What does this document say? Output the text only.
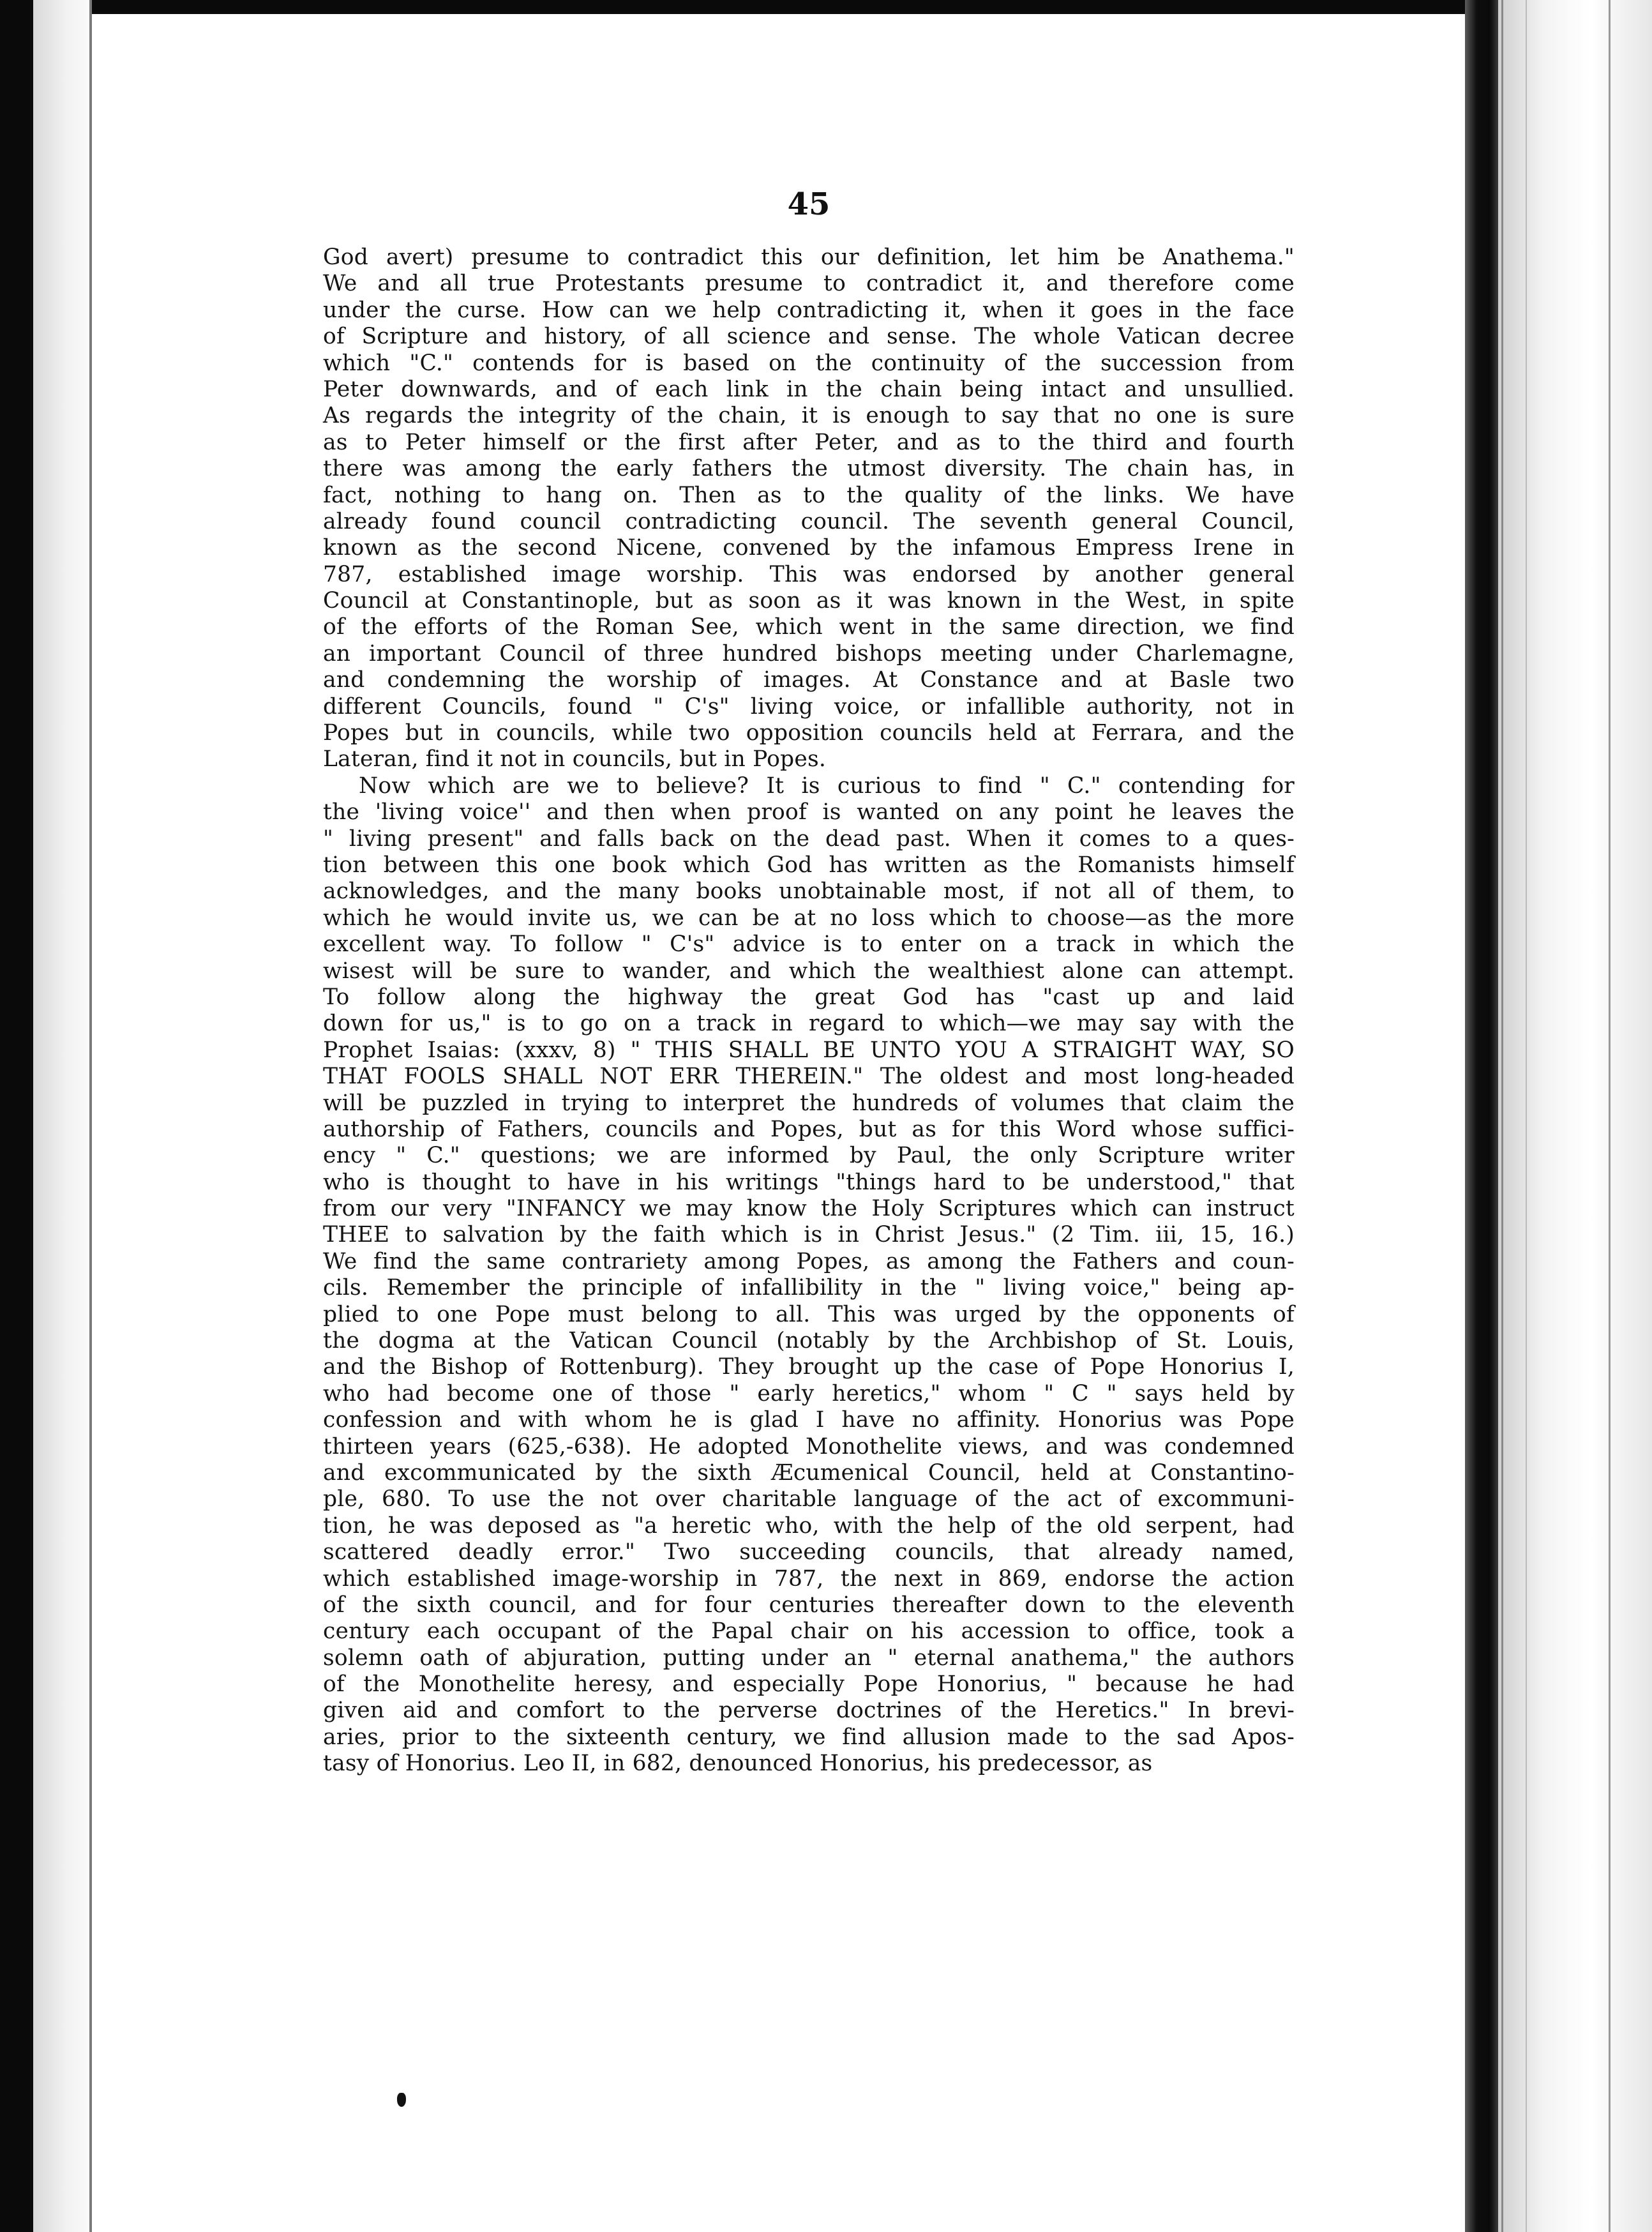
45
God avert) presume to contradict this our definition, let him be Anathema."
We and all true Protestants presume to contradict it, and therefore come
under the curse. How can we help contradicting it, when it goes in the face
of Scripture and history, of all science and sense. The whole Vatican decree
which "C." contends for is based on the continuity of the succession from
Peter downwards, and of each link in the chain being intact and unsullied.
As regards the integrity of the chain, it is enough to say that no one is sure
as to Peter himself or the first after Peter, and as to the third and fourth
there was among the early fathers the utmost diversity. The chain has, in
fact, nothing to hang on. Then as to the quality of the links. We have
already found council contradicting council. The seventh general Council,
known as the second Nicene, convened by the infamous Empress Irene in
787, established image worship. This was endorsed by another general
Council at Constantinople, but as soon as it was known in the West, in spite
of the efforts of the Roman See, which went in the same direction, we find
an important Council of three hundred bishops meeting under Charlemagne,
and condemning the worship of images. At Constance and at Basle two
different Councils, found " C's" living voice, or infallible authority, not in
Popes but in councils, while two opposition councils held at Ferrara, and the
Lateran, find it not in councils, but in Popes.
Now which are we to believe? It is curious to find " C." contending for
the 'living voice'' and then when proof is wanted on any point he leaves the
" living present" and falls back on the dead past. When it comes to a ques-
tion between this one book which God has written as the Romanists himself
acknowledges, and the many books unobtainable most, if not all of them, to
which he would invite us, we can be at no loss which to choose—as the more
excellent way. To follow " C's" advice is to enter on a track in which the
wisest will be sure to wander, and which the wealthiest alone can attempt.
To follow along the highway the great God has "cast up and laid
down for us," is to go on a track in regard to which—we may say with the
Prophet Isaias: (xxxv, 8) " THIS SHALL BE UNTO YOU A STRAIGHT WAY, SO
THAT FOOLS SHALL NOT ERR THEREIN." The oldest and most long-headed
will be puzzled in trying to interpret the hundreds of volumes that claim the
authorship of Fathers, councils and Popes, but as for this Word whose suffici-
ency " C." questions; we are informed by Paul, the only Scripture writer
who is thought to have in his writings "things hard to be understood," that
from our very "INFANCY we may know the Holy Scriptures which can instruct
THEE to salvation by the faith which is in Christ Jesus." (2 Tim. iii, 15, 16.)
We find the same contrariety among Popes, as among the Fathers and coun-
cils. Remember the principle of infallibility in the " living voice," being ap-
plied to one Pope must belong to all. This was urged by the opponents of
the dogma at the Vatican Council (notably by the Archbishop of St. Louis,
and the Bishop of Rottenburg). They brought up the case of Pope Honorius I,
who had become one of those " early heretics," whom " C " says held by
confession and with whom he is glad I have no affinity. Honorius was Pope
thirteen years (625,-638). He adopted Monothelite views, and was condemned
and excommunicated by the sixth Æcumenical Council, held at Constantino-
ple, 680. To use the not over charitable language of the act of excommuni-
tion, he was deposed as "a heretic who, with the help of the old serpent, had
scattered deadly error." Two succeeding councils, that already named,
which established image-worship in 787, the next in 869, endorse the action
of the sixth council, and for four centuries thereafter down to the eleventh
century each occupant of the Papal chair on his accession to office, took a
solemn oath of abjuration, putting under an " eternal anathema," the authors
of the Monothelite heresy, and especially Pope Honorius, " because he had
given aid and comfort to the perverse doctrines of the Heretics." In brevi-
aries, prior to the sixteenth century, we find allusion made to the sad Apos-
tasy of Honorius. Leo II, in 682, denounced Honorius, his predecessor, as
